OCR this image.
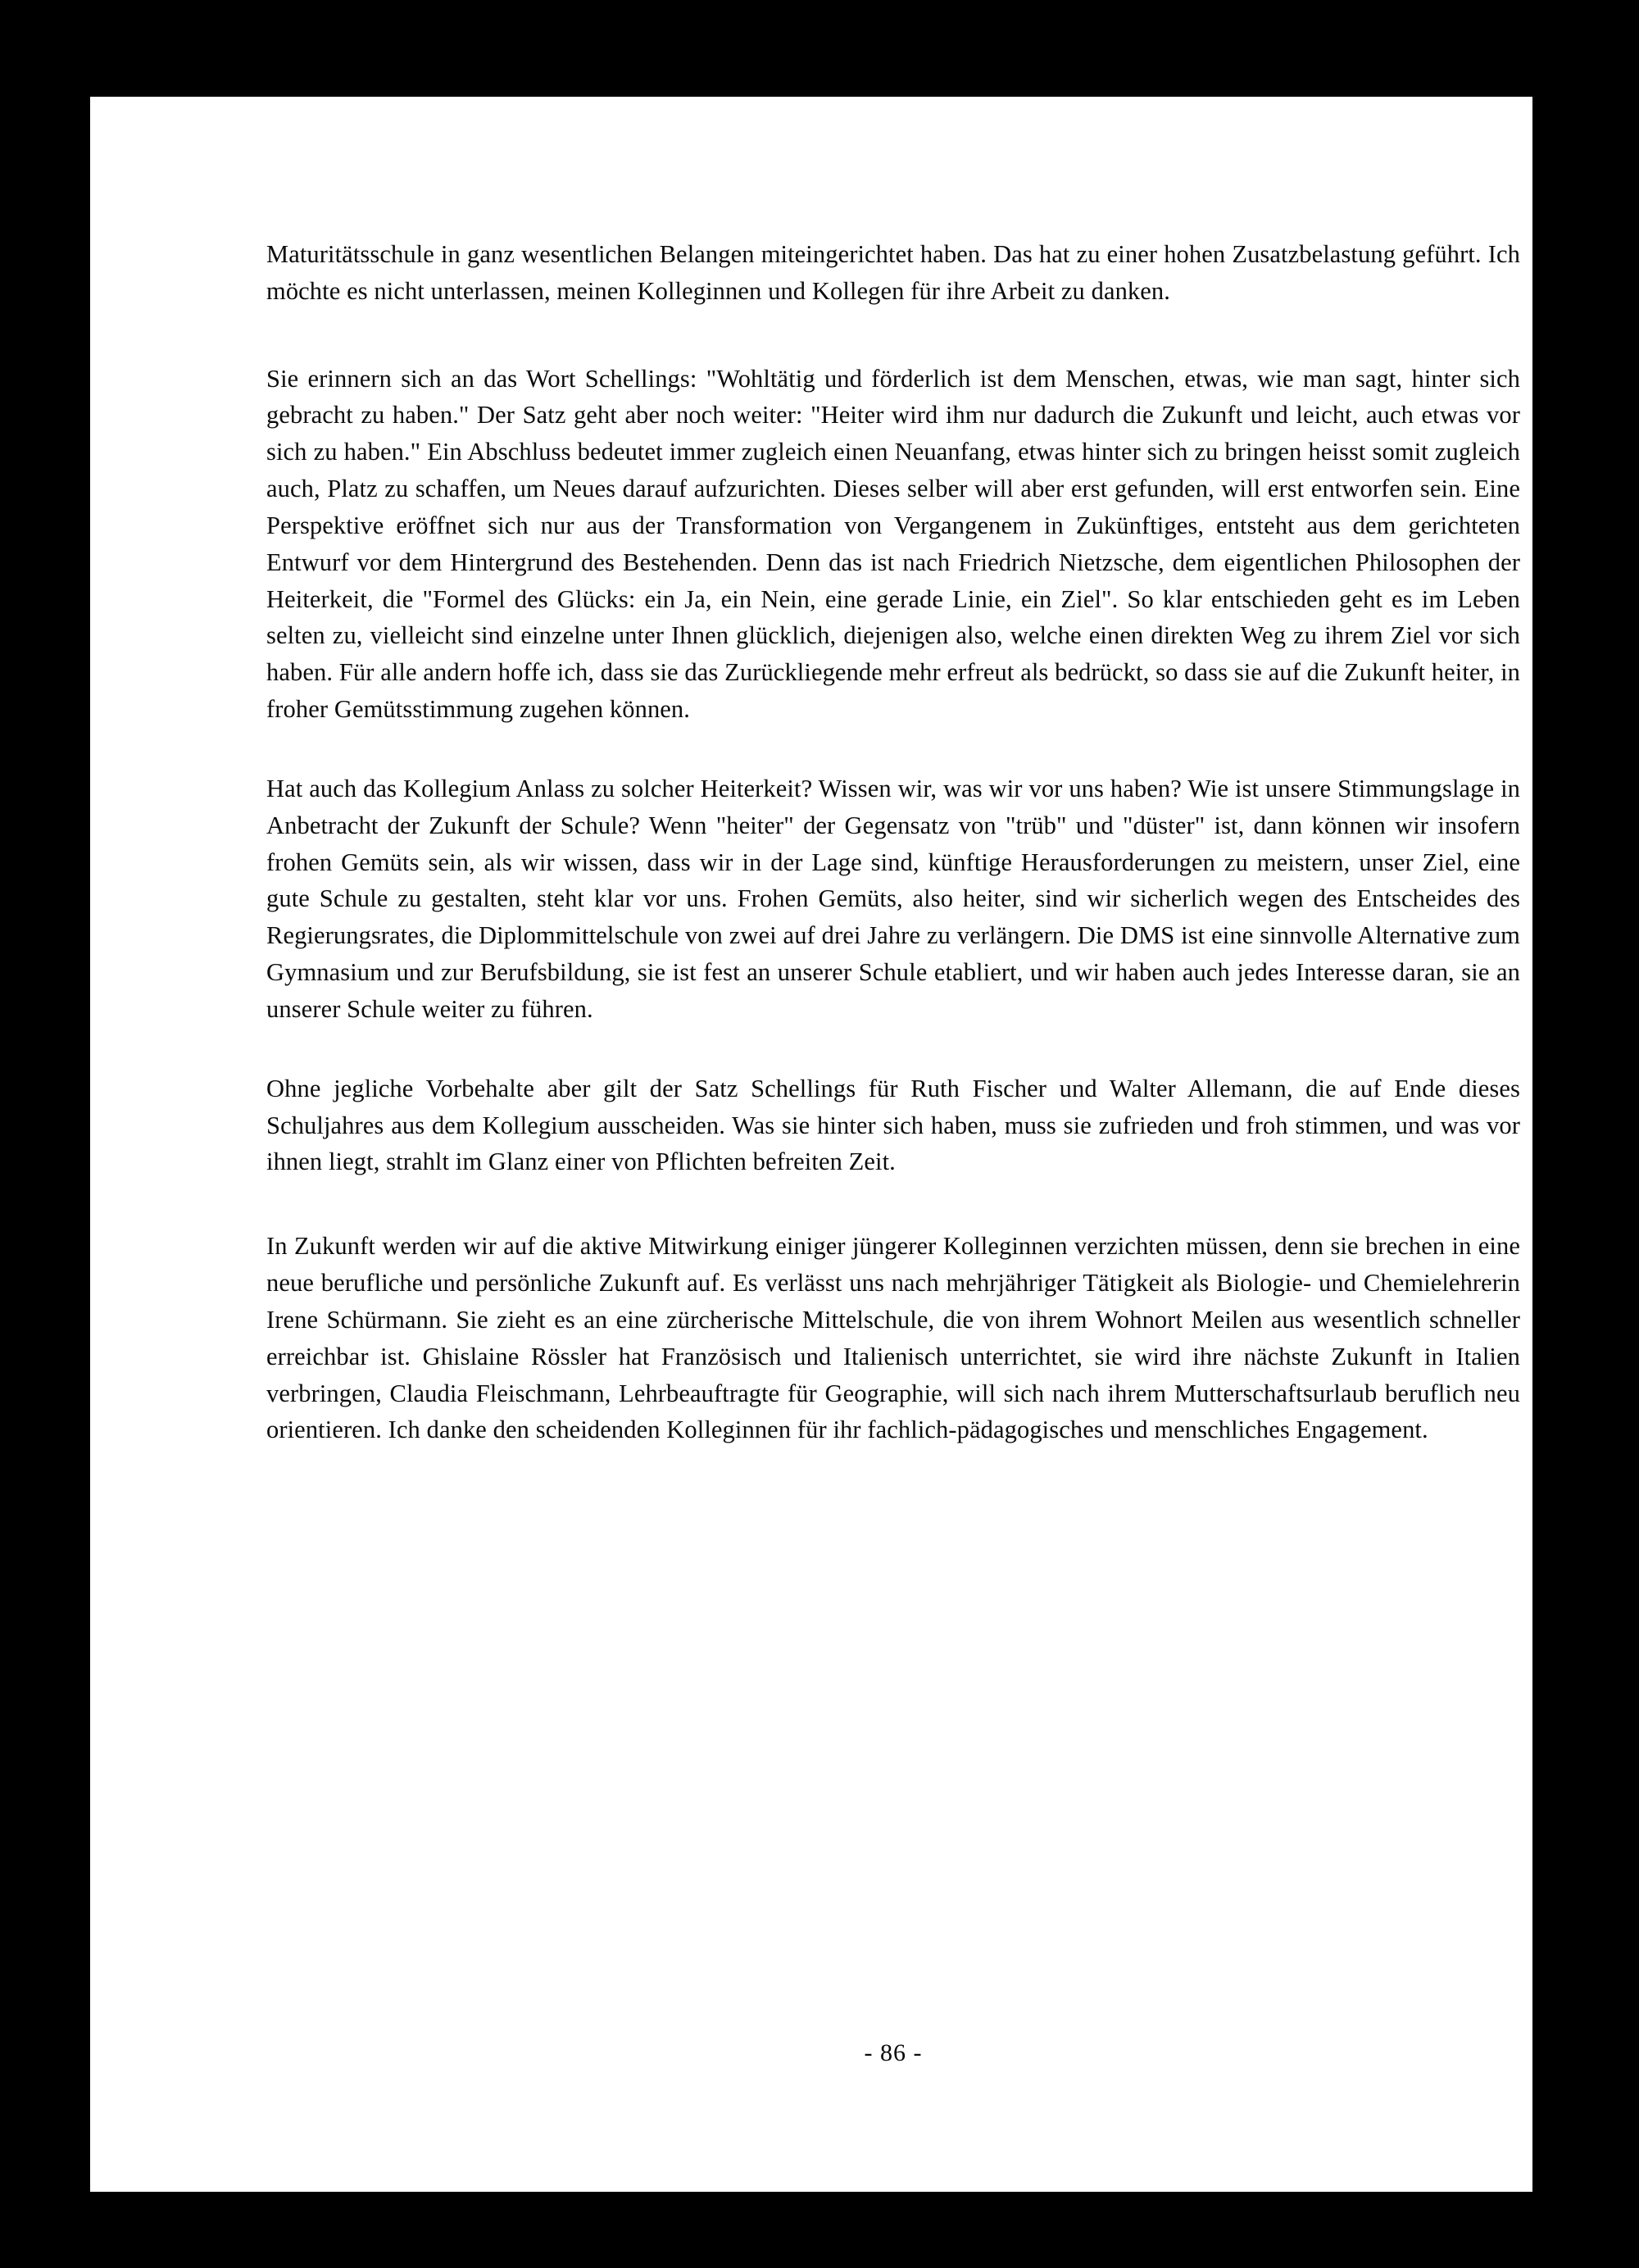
Maturitätsschule in ganz wesentlichen Belangen miteingerichtet haben. Das hat zu einer hohen Zusatzbelastung geführt. Ich möchte es nicht unterlassen, meinen Kolleginnen und Kollegen für ihre Arbeit zu danken.

Sie erinnern sich an das Wort Schellings: "Wohltätig und förderlich ist dem Menschen, etwas, wie man sagt, hinter sich gebracht zu haben." Der Satz geht aber noch weiter: "Heiter wird ihm nur dadurch die Zukunft und leicht, auch etwas vor sich zu haben." Ein Abschluss bedeutet immer zugleich einen Neuanfang, etwas hinter sich zu bringen heisst somit zugleich auch, Platz zu schaffen, um Neues darauf aufzurichten. Dieses selber will aber erst gefunden, will erst entworfen sein. Eine Perspektive eröffnet sich nur aus der Transformation von Vergangenem in Zukünftiges, entsteht aus dem gerichteten Entwurf vor dem Hintergrund des Bestehenden. Denn das ist nach Friedrich Nietzsche, dem eigentlichen Philosophen der Heiterkeit, die "Formel des Glücks: ein Ja, ein Nein, eine gerade Linie, ein Ziel". So klar entschieden geht es im Leben selten zu, vielleicht sind einzelne unter Ihnen glücklich, diejenigen also, welche einen direkten Weg zu ihrem Ziel vor sich haben. Für alle andern hoffe ich, dass sie das Zurückliegende mehr erfreut als bedrückt, so dass sie auf die Zukunft heiter, in froher Gemütsstimmung zugehen können.

Hat auch das Kollegium Anlass zu solcher Heiterkeit? Wissen wir, was wir vor uns haben? Wie ist unsere Stimmungslage in Anbetracht der Zukunft der Schule? Wenn "heiter" der Gegensatz von "trüb" und "düster" ist, dann können wir insofern frohen Gemüts sein, als wir wissen, dass wir in der Lage sind, künftige Herausforderungen zu meistern, unser Ziel, eine gute Schule zu gestalten, steht klar vor uns. Frohen Gemüts, also heiter, sind wir sicherlich wegen des Entscheides des Regierungsrates, die Diplommittelschule von zwei auf drei Jahre zu verlängern. Die DMS ist eine sinnvolle Alternative zum Gymnasium und zur Berufsbildung, sie ist fest an unserer Schule etabliert, und wir haben auch jedes Interesse daran, sie an unserer Schule weiter zu führen.

Ohne jegliche Vorbehalte aber gilt der Satz Schellings für Ruth Fischer und Walter Allemann, die auf Ende dieses Schuljahres aus dem Kollegium ausscheiden. Was sie hinter sich haben, muss sie zufrieden und froh stimmen, und was vor ihnen liegt, strahlt im Glanz einer von Pflichten befreiten Zeit.

In Zukunft werden wir auf die aktive Mitwirkung einiger jüngerer Kolleginnen verzichten müssen, denn sie brechen in eine neue berufliche und persönliche Zukunft auf. Es verlässt uns nach mehrjähriger Tätigkeit als Biologie- und Chemielehrerin Irene Schürmann. Sie zieht es an eine zürcherische Mittelschule, die von ihrem Wohnort Meilen aus wesentlich schneller erreichbar ist. Ghislaine Rössler hat Französisch und Italienisch unterrichtet, sie wird ihre nächste Zukunft in Italien verbringen, Claudia Fleischmann, Lehrbeauftragte für Geographie, will sich nach ihrem Mutterschaftsurlaub beruflich neu orientieren. Ich danke den scheidenden Kolleginnen für ihr fachlich-pädagogisches und menschliches Engagement.

- 86 -
